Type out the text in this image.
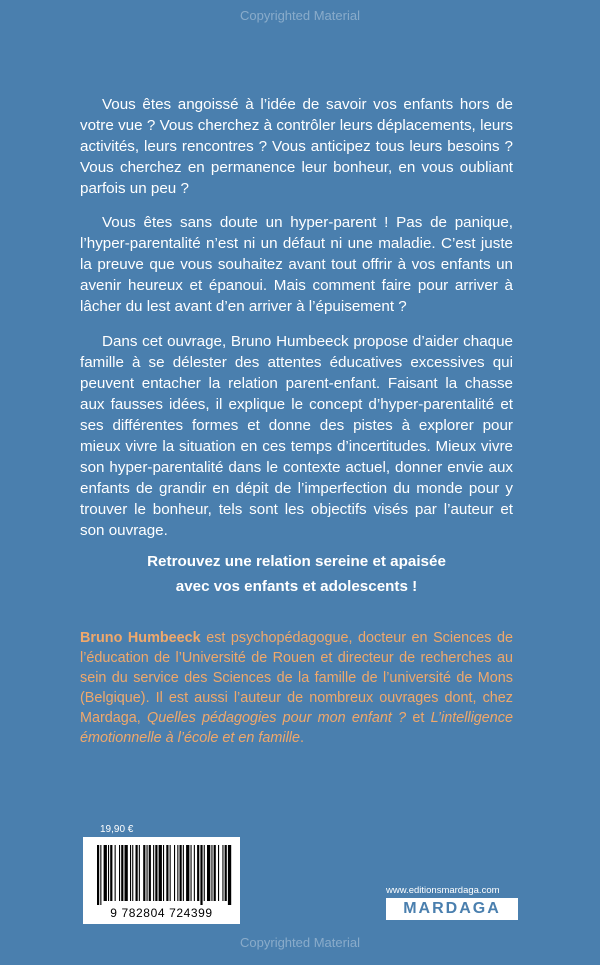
Copyrighted Material

Vous êtes angoissé à l’idée de savoir vos enfants hors de votre vue ? Vous cherchez à contrôler leurs déplacements, leurs activités, leurs rencontres ? Vous anticipez tous leurs besoins ? Vous cherchez en permanence leur bonheur, en vous oubliant parfois un peu ?

Vous êtes sans doute un hyper-parent ! Pas de panique, l’hyper-parentalité n’est ni un défaut ni une maladie. C’est juste la preuve que vous souhaitez avant tout offrir à vos enfants un avenir heureux et épanoui. Mais comment faire pour arriver à lâcher du lest avant d’en arriver à l’épuisement ?

Dans cet ouvrage, Bruno Humbeeck propose d’aider chaque famille à se délester des attentes éducatives excessives qui peuvent entacher la relation parent-enfant. Faisant la chasse aux fausses idées, il explique le concept d’hyper-parentalité et ses différentes formes et donne des pistes à explorer pour mieux vivre la situation en ces temps d’incertitudes. Mieux vivre son hyper-parentalité dans le contexte actuel, donner envie aux enfants de grandir en dépit de l’imperfection du monde pour y trouver le bonheur, tels sont les objectifs visés par l’auteur et son ouvrage.

Retrouvez une relation sereine et apaisée
avec vos enfants et adolescents !
Bruno Humbeeck est psychopédagogue, docteur en Sciences de l’éducation de l’Université de Rouen et directeur de recherches au sein du service des Sciences de la famille de l’université de Mons (Belgique). Il est aussi l’auteur de nombreux ouvrages dont, chez Mardaga, Quelles pédagogies pour mon enfant ? et L’intelligence émotionnelle à l’école et en famille.
19,90 €
9 782804 724399
www.editionsmardaga.com
MARDAGA
Copyrighted Material
